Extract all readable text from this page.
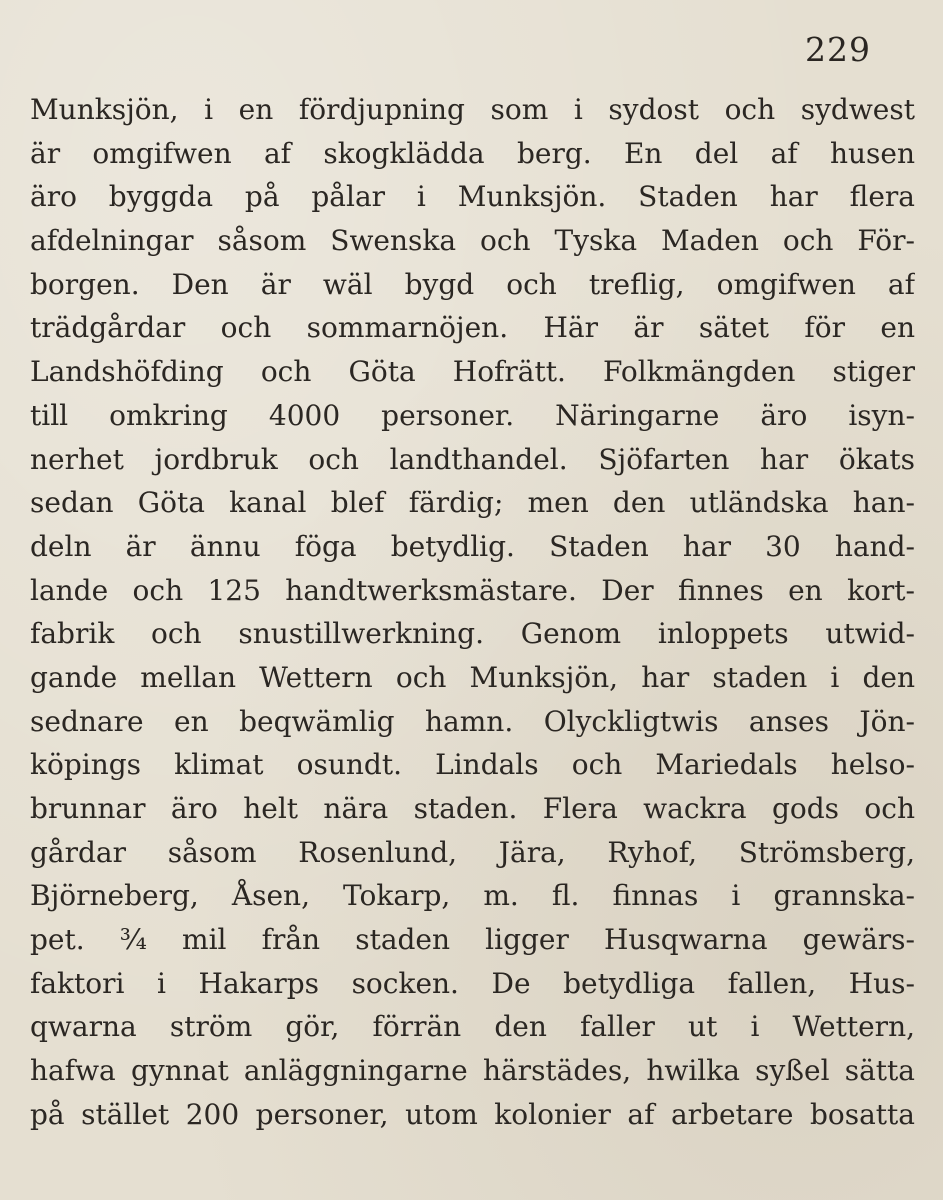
229
Munksjön, i en fördjupning som i sydost och sydwest
är omgifwen af skogklädda berg. En del af husen
äro byggda på pålar i Munksjön. Staden har flera
afdelningar såsom Swenska och Tyska Maden och För-
borgen. Den är wäl bygd och treflig, omgifwen af
trädgårdar och sommarnöjen. Här är sätet för en
Landshöfding och Göta Hofrätt. Folkmängden stiger
till omkring 4000 personer. Näringarne äro isyn-
nerhet jordbruk och landthandel. Sjöfarten har ökats
sedan Göta kanal blef färdig; men den utländska han-
deln är ännu föga betydlig. Staden har 30 hand-
lande och 125 handtwerksmästare. Der finnes en kort-
fabrik och snustillwerkning. Genom inloppets utwid-
gande mellan Wettern och Munksjön, har staden i den
sednare en beqwämlig hamn. Olyckligtwis anses Jön-
köpings klimat osundt. Lindals och Mariedals helso-
brunnar äro helt nära staden. Flera wackra gods och
gårdar såsom Rosenlund, Jära, Ryhof, Strömsberg,
Björneberg, Åsen, Tokarp, m. fl. finnas i grannska-
pet. ¾ mil från staden ligger Husqwarna gewärs-
faktori i Hakarps socken. De betydliga fallen, Hus-
qwarna ström gör, förrän den faller ut i Wettern,
hafwa gynnat anläggningarne härstädes, hwilka syßel sätta
på stället 200 personer, utom kolonier af arbetare bosatta
